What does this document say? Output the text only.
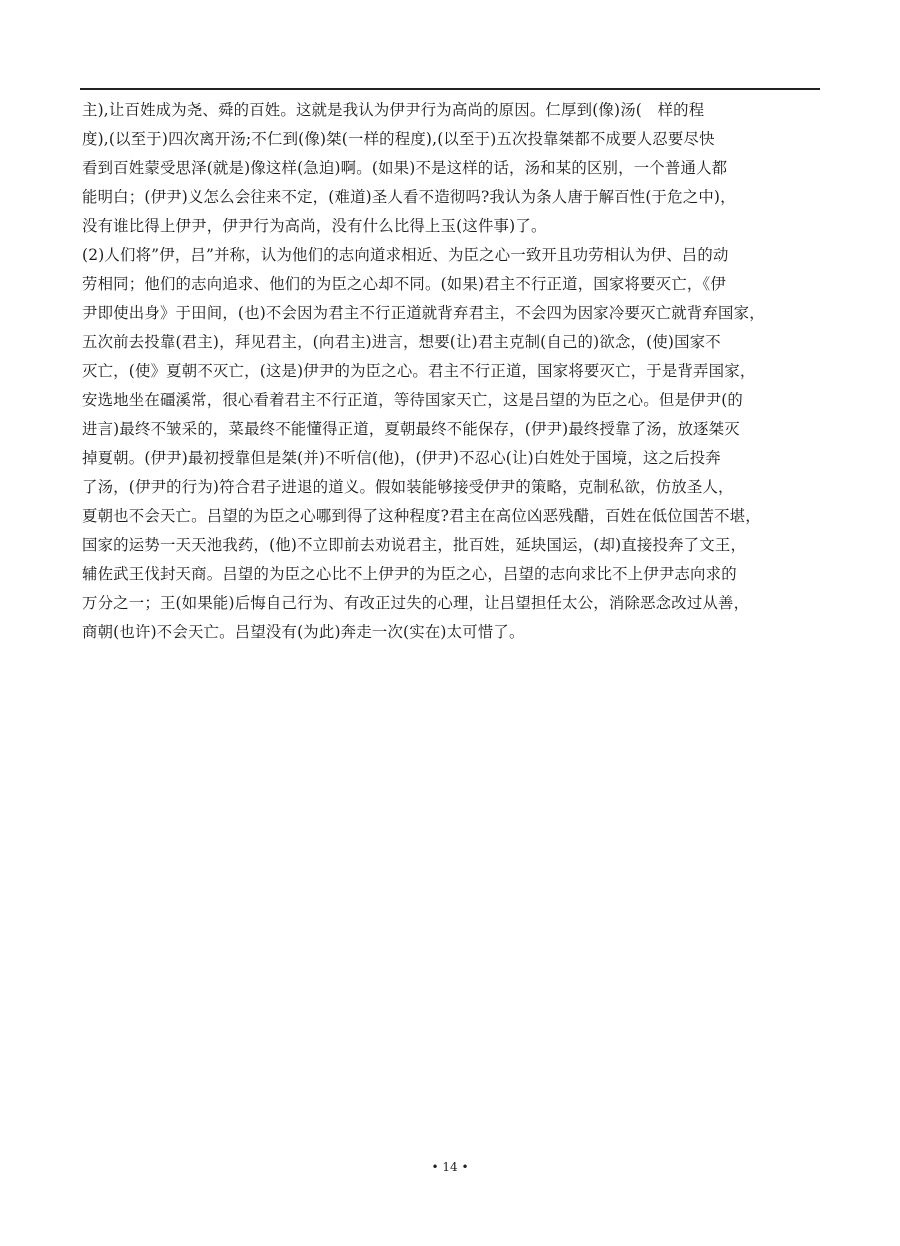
主),让百姓成为尧、舜的百姓。这就是我认为伊尹行为高尚的原因。仁厚到(像)汤(　样的程
度),(以至于)四次离开汤;不仁到(像)桀(一样的程度),(以至于)五次投靠桀都不成要人忍要尽快
看到百姓蒙受思泽(就是)像这样(急迫)啊。(如果)不是这样的话，汤和某的区别，一个普通人都
能明白；(伊尹)义怎么会往来不定，(难道)圣人看不造彻吗?我认为条人唐于解百性(于危之中)，
没有谁比得上伊尹，伊尹行为高尚，没有什么比得上玉(这件事)了。
(2)人们将”伊，吕”并称，认为他们的志向道求相近、为臣之心一致开且功劳相认为伊、吕的动
劳相同；他们的志向追求、他们的为臣之心却不同。(如果)君主不行正道，国家将要灭亡，《伊
尹即使出身》于田间，(也)不会因为君主不行正道就背弃君主，不会四为因家冷要灭亡就背弃国家，
五次前去投靠(君主)，拜见君主，(向君主)进言，想要(让)君主克制(自己的)欲念，(使)国家不
灭亡，(使》夏朝不灭亡，(这是)伊尹的为臣之心。君主不行正道，国家将要灭亡，于是背弄国家，
安选地坐在礓溪常，很心看着君主不行正道，等待国家天亡，这是吕望的为臣之心。但是伊尹(的
进言)最终不皱采的，菜最终不能懂得正道，夏朝最终不能保存，(伊尹)最终授靠了汤，放逐桀灭
掉夏朝。(伊尹)最初授靠但是桀(并)不听信(他)，(伊尹)不忍心(让)白姓处于国境，这之后投奔
了汤，(伊尹的行为)符合君子进退的道义。假如装能够接受伊尹的策略，克制私欲，仿放圣人，
夏朝也不会天亡。吕望的为臣之心哪到得了这种程度?君主在高位凶恶残醋，百姓在低位国苦不堪，
国家的运势一天天池我药，(他)不立即前去劝说君主，批百姓，延块国运，(却)直接投奔了文王，
辅佐武王伐封天商。吕望的为臣之心比不上伊尹的为臣之心，吕望的志向求比不上伊尹志向求的
万分之一；王(如果能)后悔自己行为、有改正过失的心理，让吕望担任太公，消除恶念改过从善，
商朝(也许)不会天亡。吕望没有(为此)奔走一次(实在)太可惜了。
• 14 •
